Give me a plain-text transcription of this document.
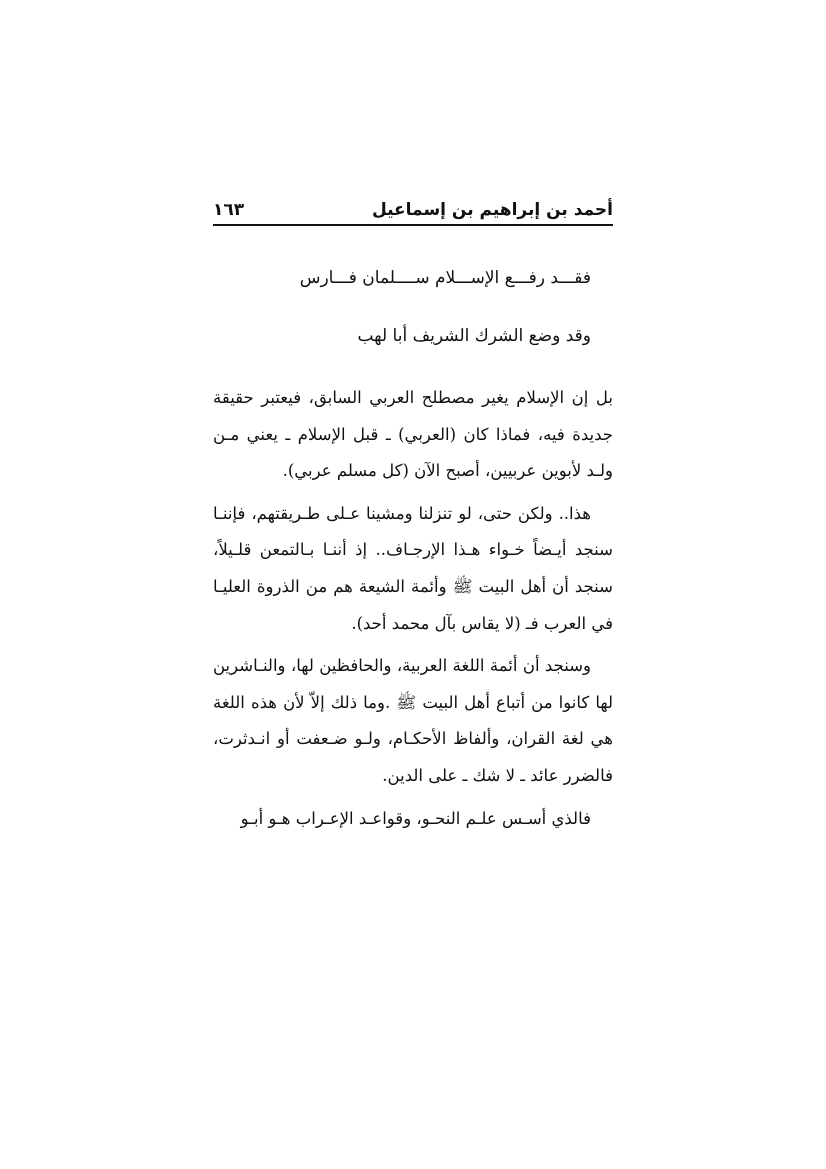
أحمد بن إبراهيم بن إسماعيل
١٦٣

فقـــد رفـــع الإســـلام ســــلمان فـــارس

وقد وضع الشرك الشريف أبا لهب

بل إن الإسلام يغير مصطلح العربي السابق، فيعتبر حقيقة جديدة فيه، فماذا كان (العربي) ـ قبل الإسلام ـ يعني مـن ولـد لأبوين عربيين، أصبح الآن (كل مسلم عربي).

هذا.. ولكن حتى، لو تنزلنا ومشينا عـلى طـريقتهم، فإننـا سنجد أيـضاً خـواء هـذا الإرجـاف.. إذ أننـا بـالتمعن قلـيلاً، سنجد أن أهل البيت ﷺ وأئمة الشيعة هم من الذروة العليـا في العرب فـ (لا يقاس بآل محمد أحد).

وسنجد أن أئمة اللغة العربية، والحافظين لها، والنـاشرين لها كانوا من أتباع أهل البيت ﷺ .وما ذلك إلاّ لأن هذه اللغة هي لغة القران، وألفاظ الأحكـام، ولـو ضـعفت أو انـدثرت، فالضرر عائد ـ لا شك ـ على الدين.

فالذي أسـس علـم النحـو، وقواعـد الإعـراب هـو أبـو
